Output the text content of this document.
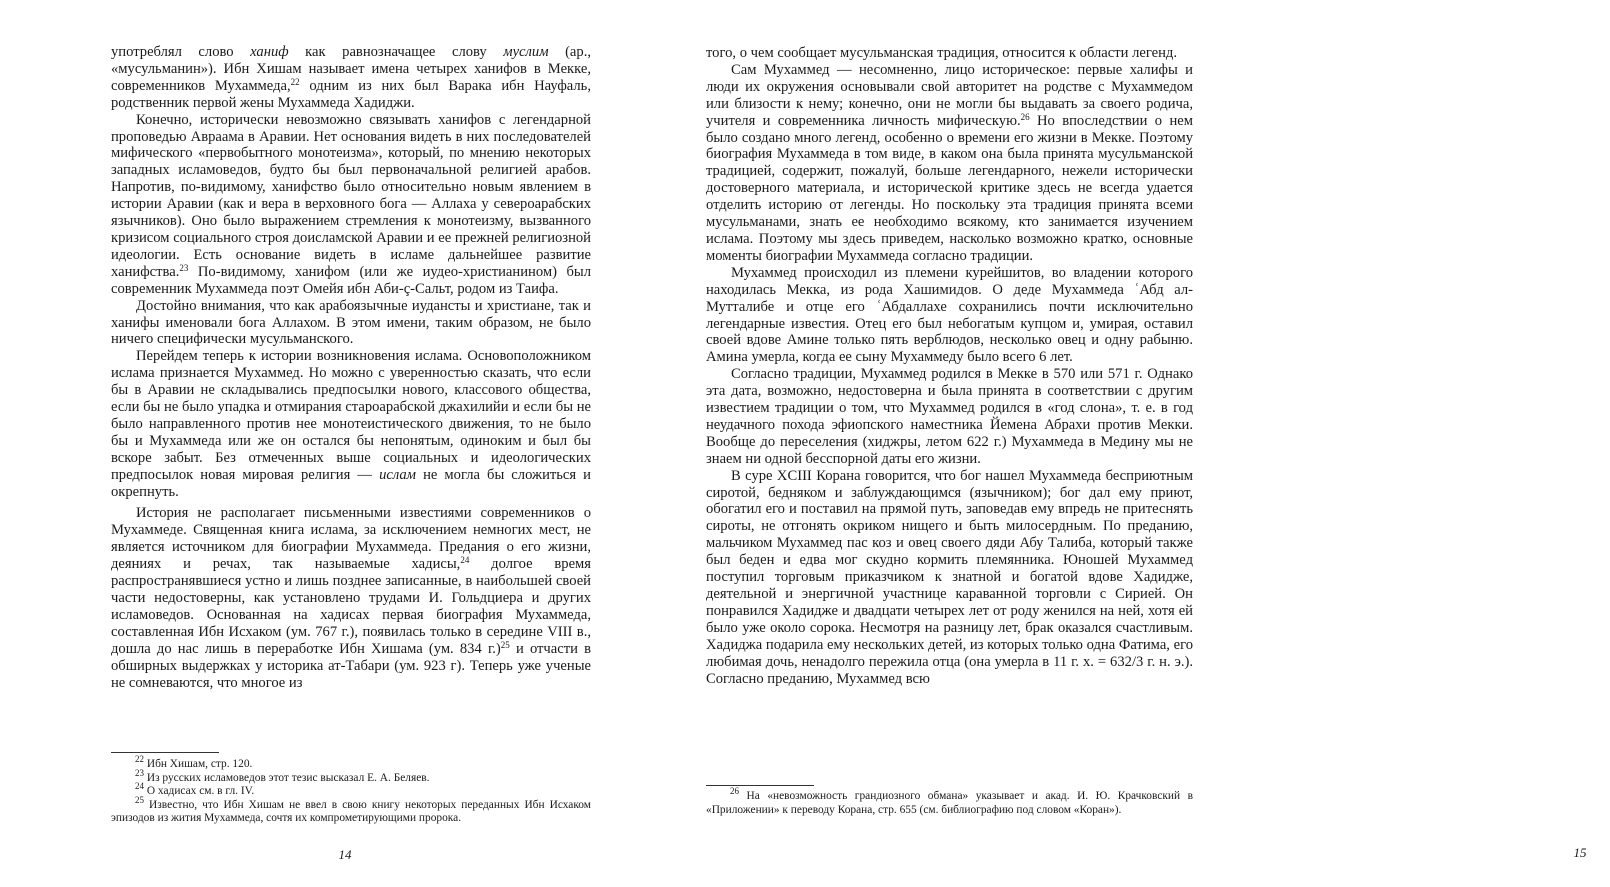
употреблял слово ханиф как равнозначащее слову муслим (ар., «мусульманин»). Ибн Хишам называет имена четырех ханифов в Мекке, современников Мухаммеда,$^{22}$ одним из них был Варака ибн Науфаль, родственник первой жены Мухаммеда Хадиджи.

Конечно, исторически невозможно связывать ханифов с легендарной проповедью Авраама в Аравии. Нет основания видеть в них последователей мифического «первобытного монотеизма», который, по мнению некоторых западных исламоведов, будто бы был первоначальной религией арабов. Напротив, по-видимому, ханифство было относительно новым явлением в истории Аравии (как и вера в верховного бога — Аллаха у североарабских язычников). Оно было выражением стремления к монотеизму, вызванного кризисом социального строя доисламской Аравии и ее прежней религиозной идеологии. Есть основание видеть в исламе дальнейшее развитие ханифства.$^{23}$ По-видимому, ханифом (или же иудео-христианином) был современник Мухаммеда поэт Омейя ибн Аби-ç-Сальт, родом из Таифа.

Достойно внимания, что как арабоязычные иудансты и христиане, так и ханифы именовали бога Аллахом. В этом имени, таким образом, не было ничего специфически мусульманского.

Перейдем теперь к истории возникновения ислама. Основоположником ислама признается Мухаммед. Но можно с уверенностью сказать, что если бы в Аравии не складывались предпосылки нового, классового общества, если бы не было упадка и отмирания староарабской джахилийи и если бы не было направленного против нее монотеистического движения, то не было бы и Мухаммеда или же он остался бы непонятым, одиноким и был бы вскоре забыт. Без отмеченных выше социальных и идеологических предпосылок новая мировая религия — ислам не могла бы сложиться и окрепнуть.

История не располагает письменными известиями современников о Мухаммеде. Священная книга ислама, за исключением немногих мест, не является источником для биографии Мухаммеда. Предания о его жизни, деяниях и речах, так называемые хадисы,$^{24}$ долгое время распространявшиеся устно и лишь позднее записанные, в наибольшей своей части недостоверны, как установлено трудами И. Гольдциера и других исламоведов. Основанная на хадисах первая биография Мухаммеда, составленная Ибн Исхаком (ум. 767 г.), появилась только в середине VIII в., дошла до нас лишь в переработке Ибн Хишама (ум. 834 г.)$^{25}$ и отчасти в обширных выдержках у историка ат-Табари (ум. 923 г). Теперь уже ученые не сомневаются, что многое из

$^{22}$ Ибн Хишам, стр. 120.

$^{23}$ Из русских исламоведов этот тезис высказал Е. А. Беляев.

$^{24}$ О хадисах см. в гл. IV.

$^{25}$ Известно, что Ибн Хишам не ввел в свою книгу некоторых переданных Ибн Исхаком эпизодов из жития Мухаммеда, сочтя их компрометирующими пророка.

14

того, о чем сообщает мусульманская традиция, относится к области легенд.

Сам Мухаммед — несомненно, лицо историческое: первые халифы и люди их окружения основывали свой авторитет на родстве с Мухаммедом или близости к нему; конечно, они не могли бы выдавать за своего родича, учителя и современника личность мифическую.$^{26}$ Но впоследствии о нем было создано много легенд, особенно о времени его жизни в Мекке. Поэтому биография Мухаммеда в том виде, в каком она была принята мусульманской традицией, содержит, пожалуй, больше легендарного, нежели исторически достоверного материала, и исторической критике здесь не всегда удается отделить историю от легенды. Но поскольку эта традиция принята всеми мусульманами, знать ее необходимо всякому, кто занимается изучением ислама. Поэтому мы здесь приведем, насколько возможно кратко, основные моменты биографии Мухаммеда согласно традиции.

Мухаммед происходил из племени курейшитов, во владении которого находилась Мекка, из рода Хашимидов. О деде Мухаммеда ʿАбд ал-Мутталибе и отце его ʿАбдаллахе сохранились почти исключительно легендарные известия. Отец его был небогатым купцом и, умирая, оставил своей вдове Амине только пять верблюдов, несколько овец и одну рабыню. Амина умерла, когда ее сыну Мухаммеду было всего 6 лет.

Согласно традиции, Мухаммед родился в Мекке в 570 или 571 г. Однако эта дата, возможно, недостоверна и была принята в соответствии с другим известием традиции о том, что Мухаммед родился в «год слона», т. е. в год неудачного похода эфиопского наместника Йемена Абрахи против Мекки. Вообще до переселения (хиджры, летом 622 г.) Мухаммеда в Медину мы не знаем ни одной бесспорной даты его жизни.

В суре XCIII Корана говорится, что бог нашел Мухаммеда бесприютным сиротой, бедняком и заблуждающимся (язычником); бог дал ему приют, обогатил его и поставил на прямой путь, заповедав ему впредь не притеснять сироты, не отгонять окриком нищего и быть милосердным. По преданию, мальчиком Мухаммед пас коз и овец своего дяди Абу Талиба, который также был беден и едва мог скудно кормить племянника. Юношей Мухаммед поступил торговым приказчиком к знатной и богатой вдове Хадидже, деятельной и энергичной участнице караванной торговли с Сирией. Он понравился Хадидже и двадцати четырех лет от роду женился на ней, хотя ей было уже около сорока. Несмотря на разницу лет, брак оказался счастливым. Хадиджа подарила ему нескольких детей, из которых только одна Фатима, его любимая дочь, ненадолго пережила отца (она умерла в 11 г. х. = 632/3 г. н. э.). Согласно преданию, Мухаммед всю

$^{26}$ На «невозможность грандиозного обмана» указывает и акад. И. Ю. Крачковский в «Приложении» к переводу Корана, стр. 655 (см. библиографию под словом «Коран»).

15
